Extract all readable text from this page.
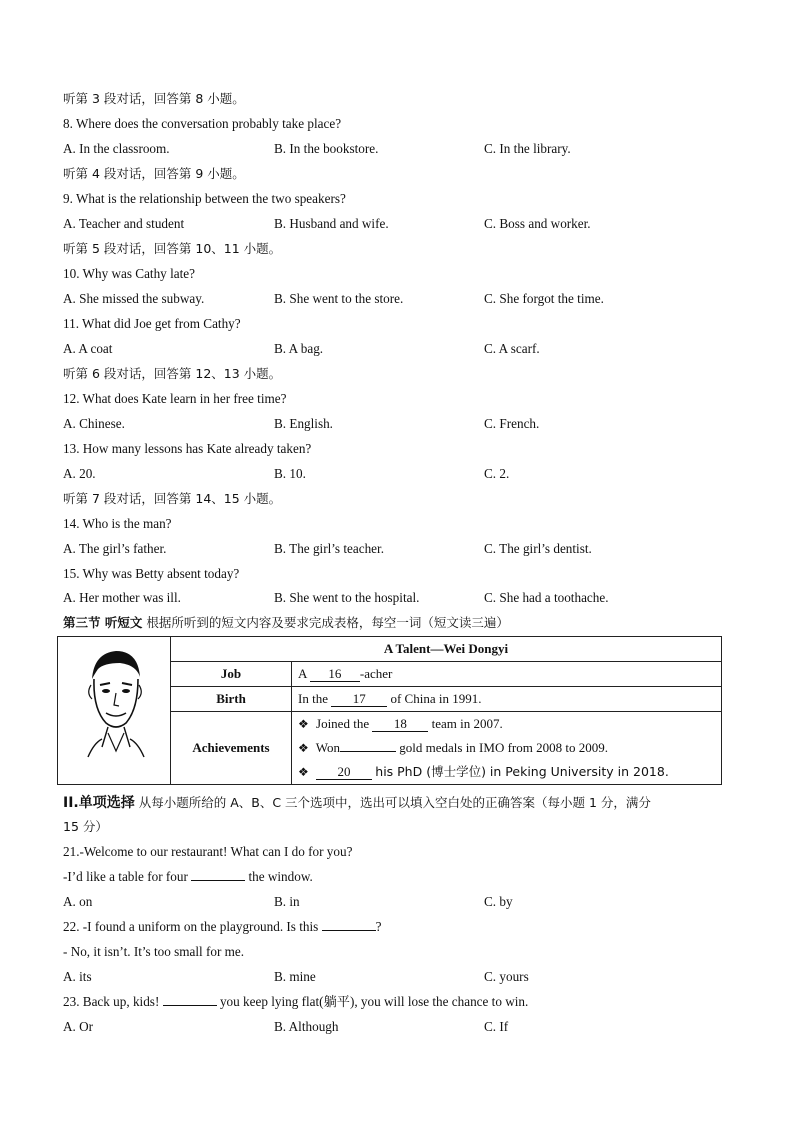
听第 3 段对话，回答第 8 小题。
8. Where does the conversation probably take place?
A. In the classroom.	B. In the bookstore.	C. In the library.
听第 4 段对话，回答第 9 小题。
9. What is the relationship between the two speakers?
A. Teacher and student	B. Husband and wife.	C. Boss and worker.
听第 5 段对话，回答第 10、11 小题。
10. Why was Cathy late?
A. She missed the subway.	B. She went to the store.	C. She forgot the time.
11. What did Joe get from Cathy?
A. A coat	B. A bag.	C. A scarf.
听第 6 段对话，回答第 12、13 小题。
12. What does Kate learn in her free time?
A. Chinese.	B. English.	C. French.
13. How many lessons has Kate already taken?
A. 20.	B. 10.	C. 2.
听第 7 段对话，回答第 14、15 小题。
14. Who is the man?
A. The girl’s father.	B. The girl’s teacher.	C. The girl’s dentist.
15. Why was Betty absent today?
A. Her mother was ill.	B. She went to the hospital.	C. She had a toothache.
第三节 听短文 根据所听到的短文内容及要求完成表格，每空一词（短文读三遍）
	A Talent—Wei Dongyi	
	Job	A 16 -acher
	Birth	In the 17 of China in 1991.
	Achievements	❖ Joined the 18 team in 2007.
❖ Won gold medals in IMO from 2008 to 2009.
❖ 20 his PhD (博士学位) in Peking University in 2018.

II.单项选择 从每小题所给的 A、B、C 三个选项中，选出可以填入空白处的正确答案（每小题 1 分，满分
15 分）
21.-Welcome to our restaurant! What can I do for you?
-I’d like a table for four	the window.
A. on	B. in	C. by
22. -I found a uniform on the playground. Is this	?
- No, it isn’t. It’s too small for me.
A. its	B. mine	C. yours
23. Back up, kids!	you keep lying flat(躺平), you will lose the chance to win.
A. Or	B. Although	C. If
